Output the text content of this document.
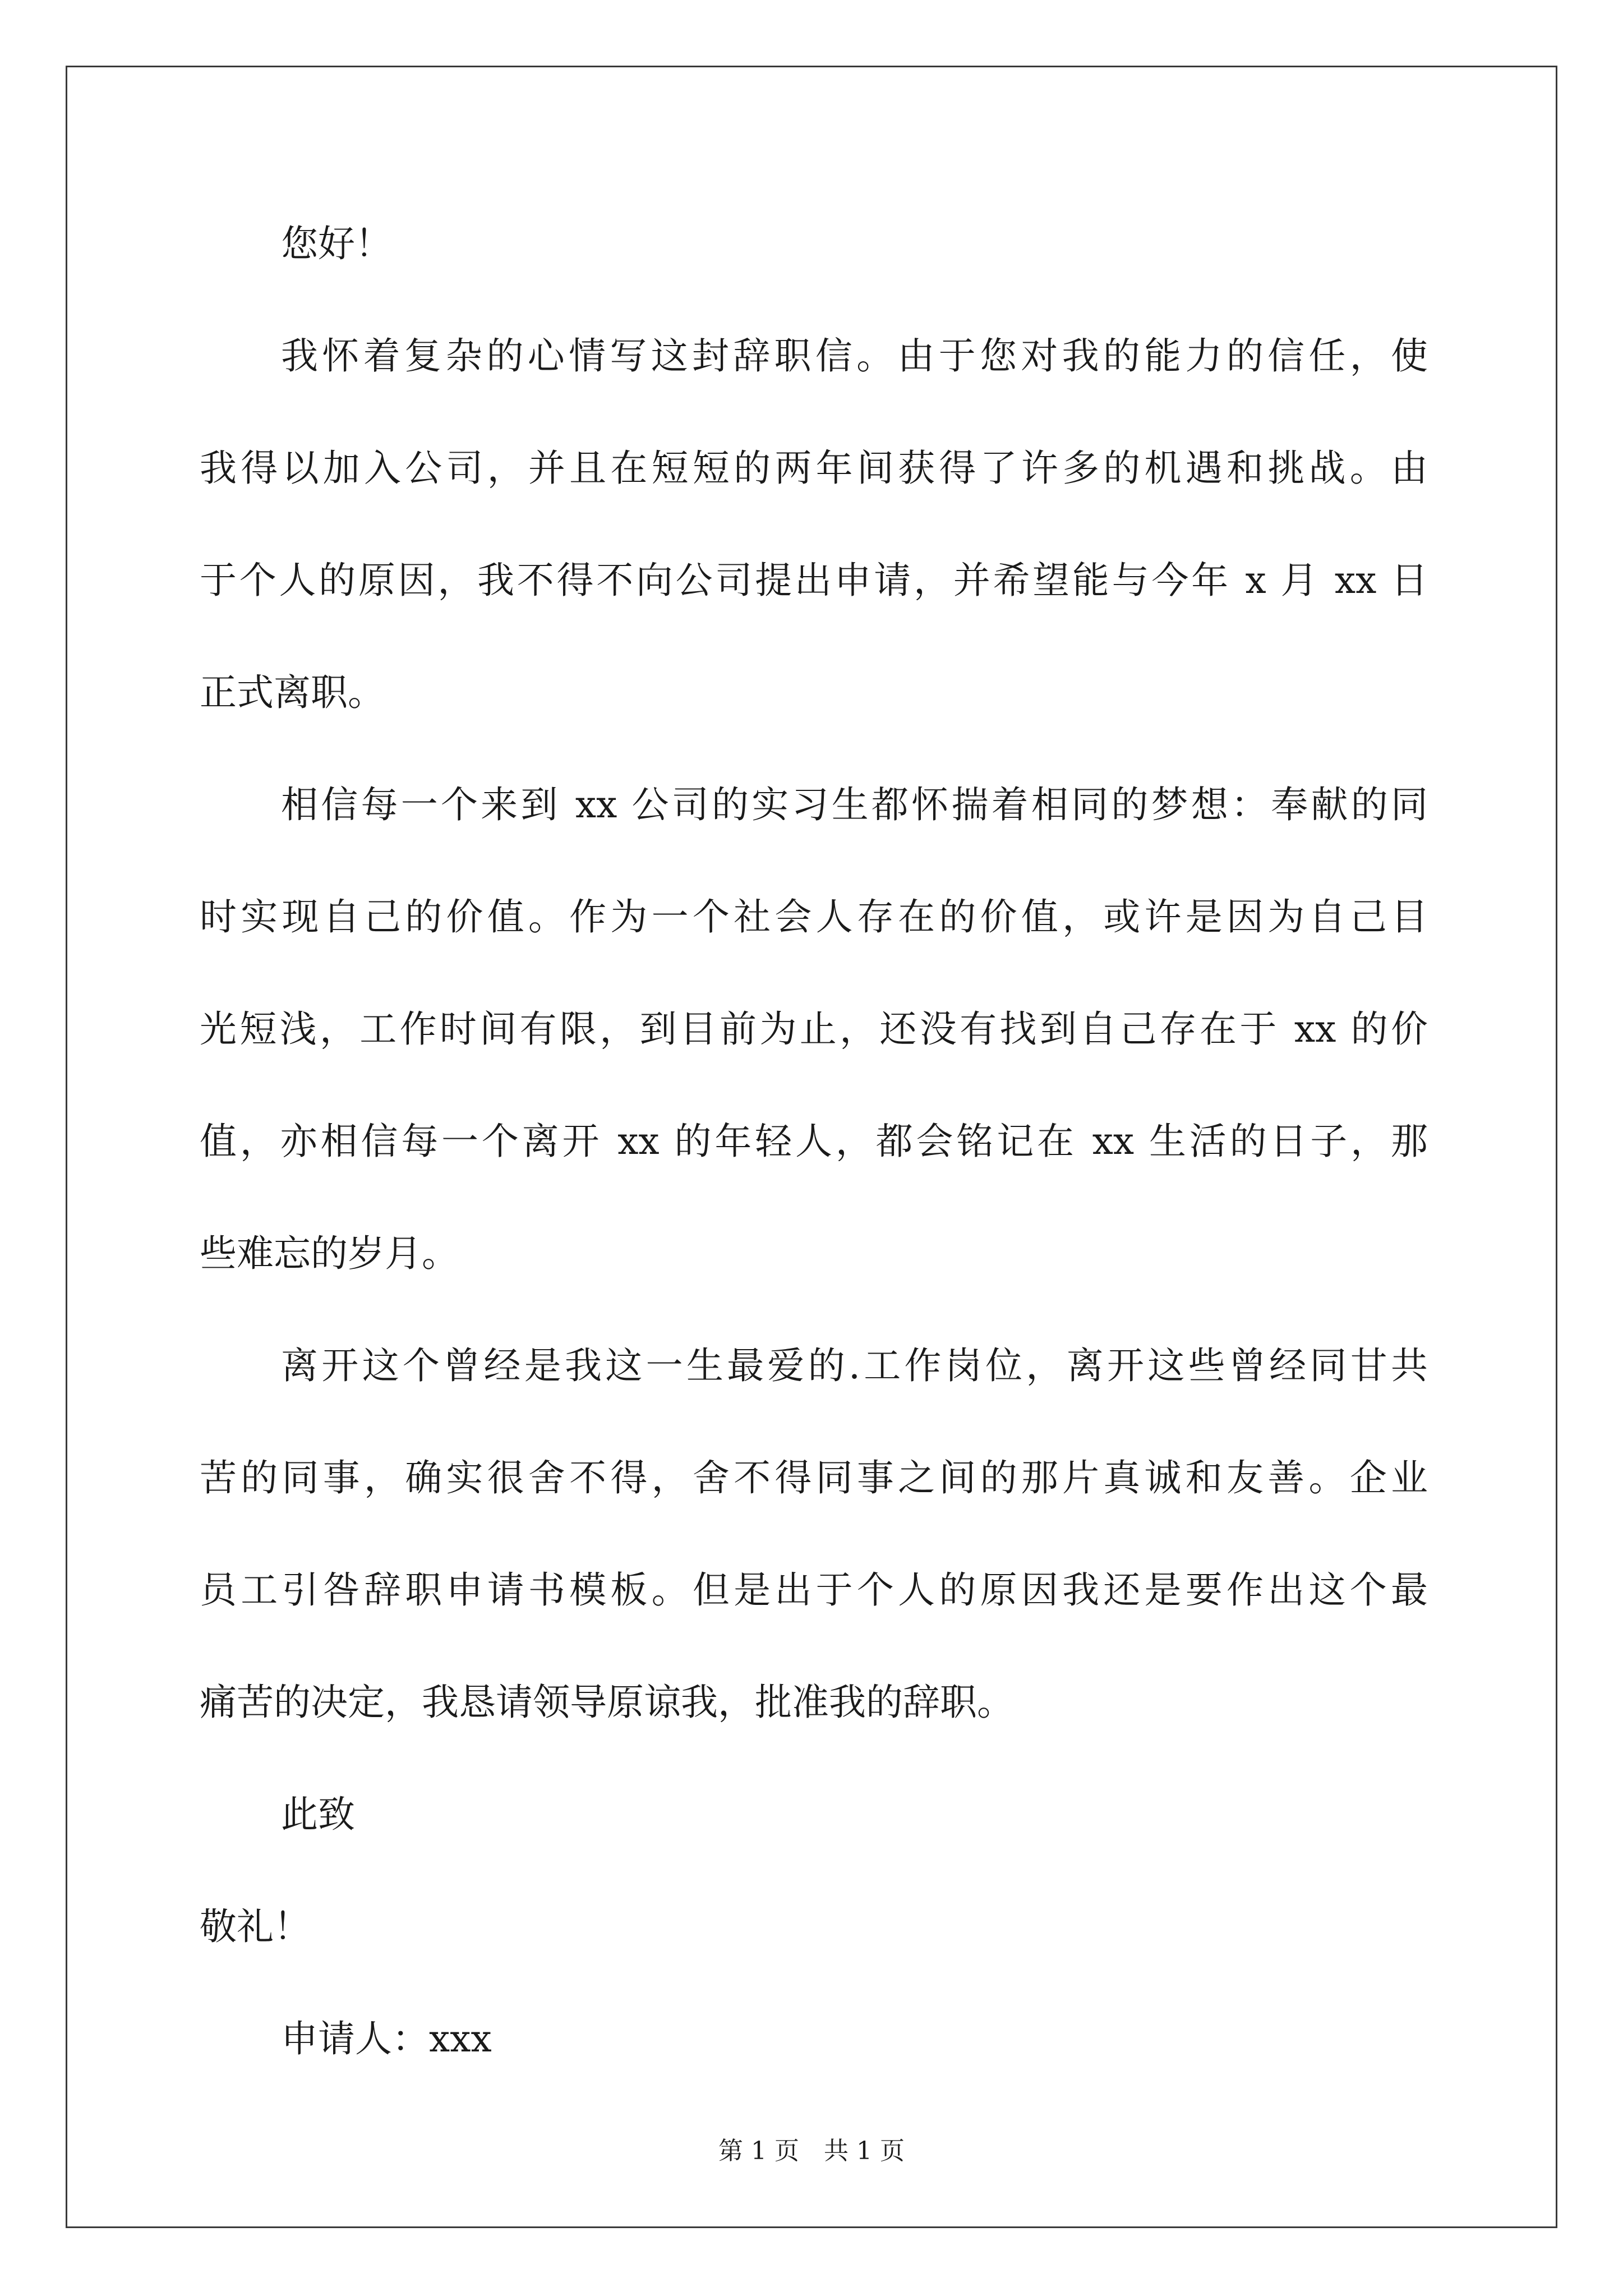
您好！
我怀着复杂的心情写这封辞职信。由于您对我的能力的信任，使
我得以加入公司，并且在短短的两年间获得了许多的机遇和挑战。由
于个人的原因，我不得不向公司提出申请，并希望能与今年 x 月 xx 日
正式离职。
相信每一个来到 xx 公司的实习生都怀揣着相同的梦想：奉献的同
时实现自己的价值。作为一个社会人存在的价值，或许是因为自己目
光短浅，工作时间有限，到目前为止，还没有找到自己存在于 xx 的价
值，亦相信每一个离开 xx 的年轻人，都会铭记在 xx 生活的日子，那
些难忘的岁月。
离开这个曾经是我这一生最爱的.工作岗位，离开这些曾经同甘共
苦的同事，确实很舍不得，舍不得同事之间的那片真诚和友善。企业
员工引咎辞职申请书模板。但是出于个人的原因我还是要作出这个最
痛苦的决定，我恳请领导原谅我，批准我的辞职。
此致
敬礼！
申请人：xxx
第 1 页　共 1 页
